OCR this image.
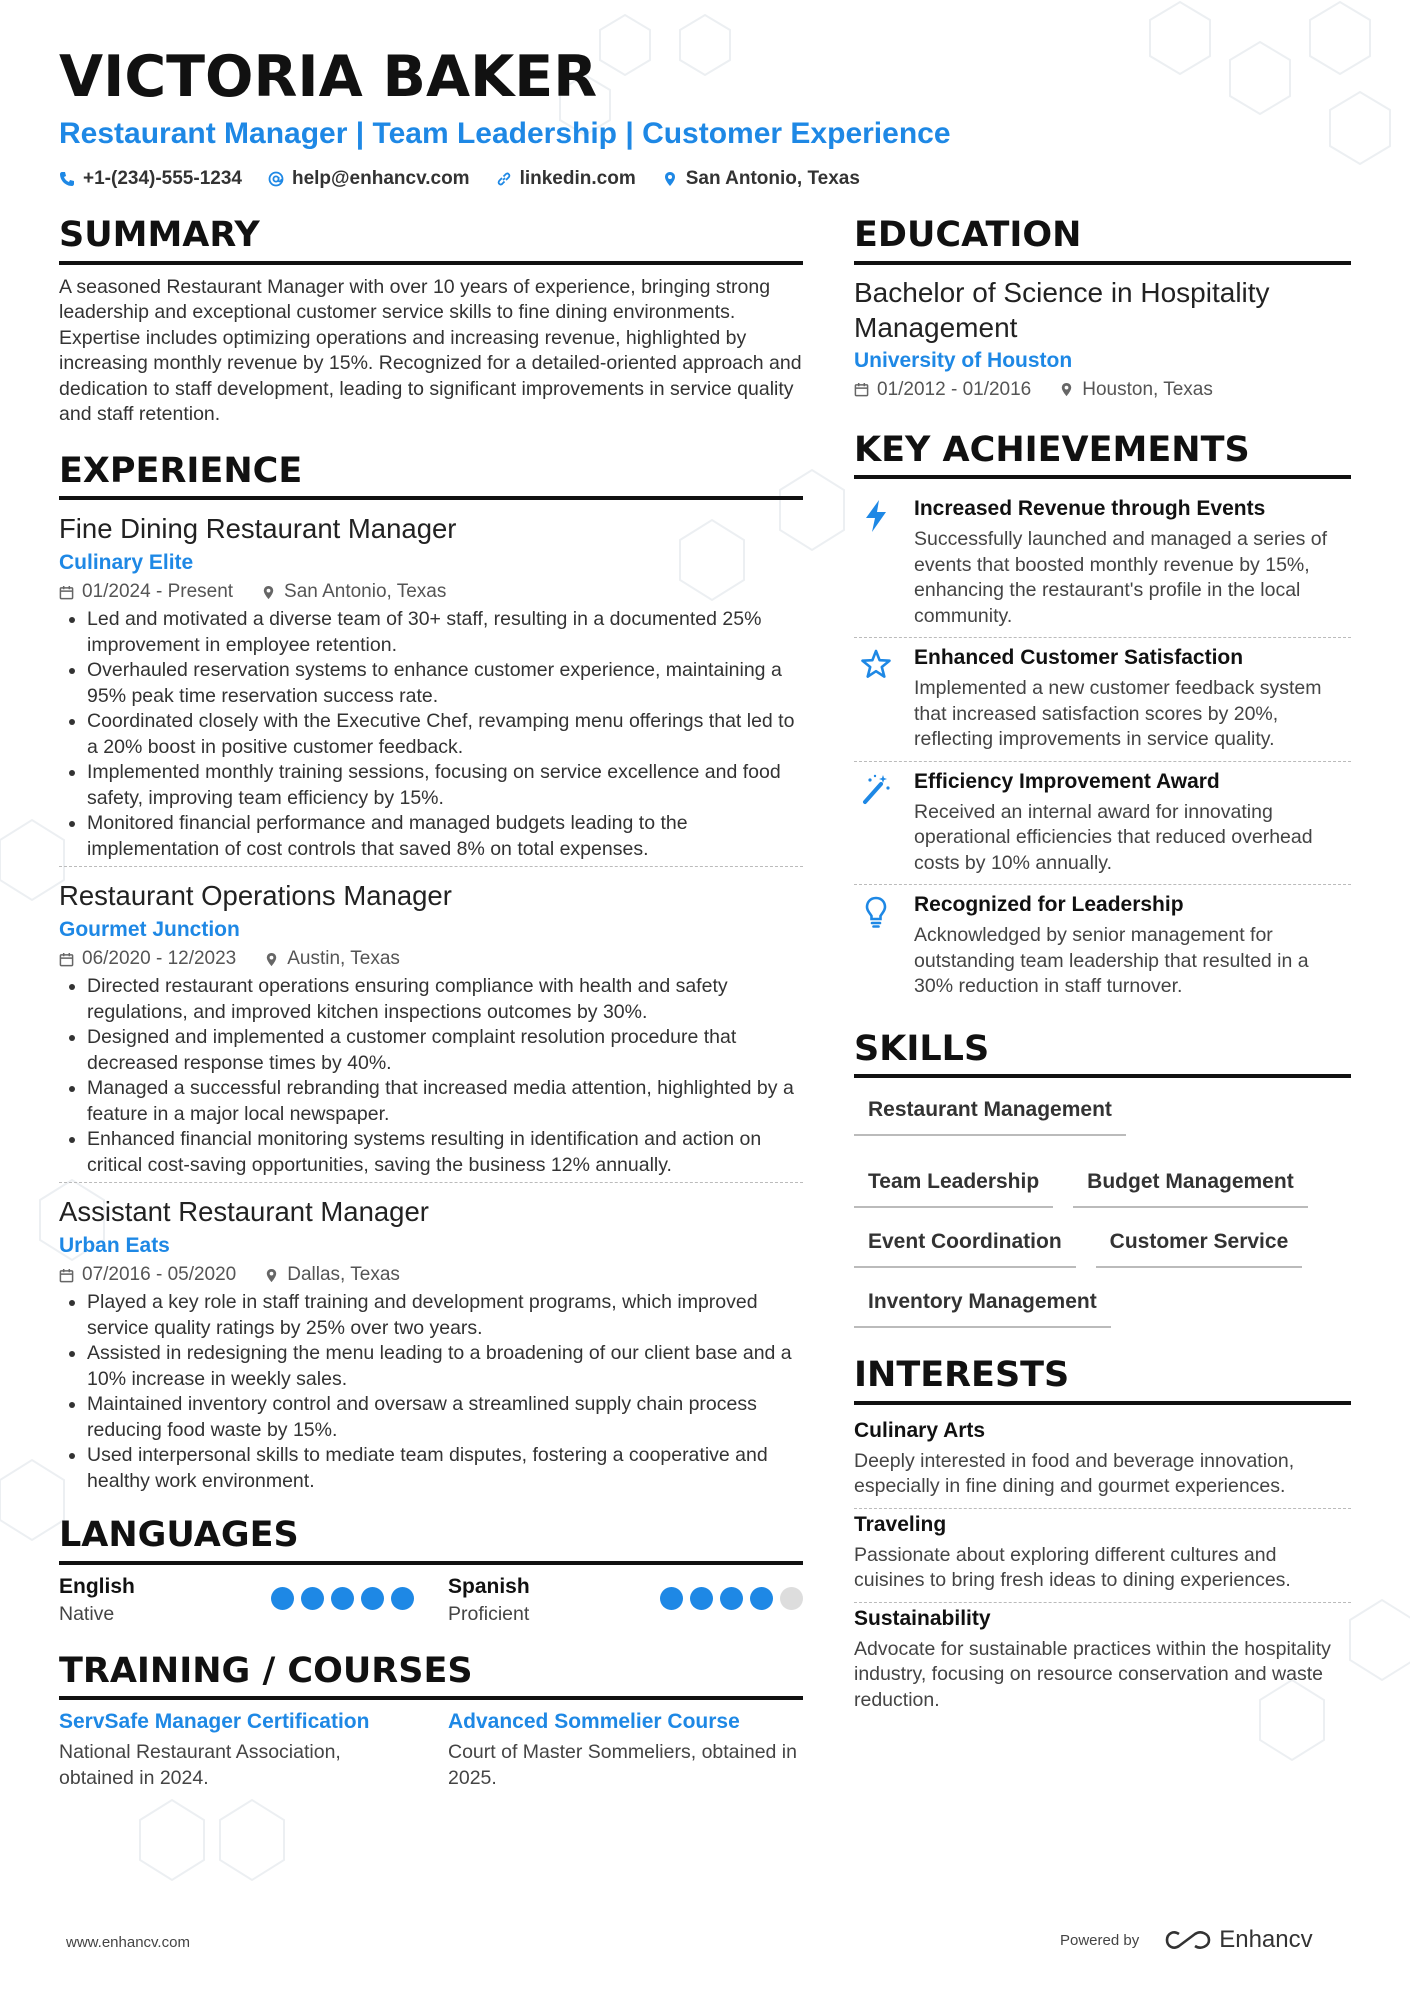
VICTORIA BAKER
Restaurant Manager | Team Leadership | Customer Experience
+1-(234)-555-1234	help@enhancv.com	linkedin.com	San Antonio, Texas
SUMMARY
A seasoned Restaurant Manager with over 10 years of experience, bringing strong leadership and exceptional customer service skills to fine dining environments. Expertise includes optimizing operations and increasing revenue, highlighted by increasing monthly revenue by 15%. Recognized for a detailed-oriented approach and dedication to staff development, leading to significant improvements in service quality and staff retention.
EXPERIENCE
Fine Dining Restaurant Manager
Culinary Elite
01/2024 - Present	San Antonio, Texas
• Led and motivated a diverse team of 30+ staff, resulting in a documented 25% improvement in employee retention.
• Overhauled reservation systems to enhance customer experience, maintaining a 95% peak time reservation success rate.
• Coordinated closely with the Executive Chef, revamping menu offerings that led to a 20% boost in positive customer feedback.
• Implemented monthly training sessions, focusing on service excellence and food safety, improving team efficiency by 15%.
• Monitored financial performance and managed budgets leading to the implementation of cost controls that saved 8% on total expenses.
Restaurant Operations Manager
Gourmet Junction
06/2020 - 12/2023	Austin, Texas
• Directed restaurant operations ensuring compliance with health and safety regulations, and improved kitchen inspections outcomes by 30%.
• Designed and implemented a customer complaint resolution procedure that decreased response times by 40%.
• Managed a successful rebranding that increased media attention, highlighted by a feature in a major local newspaper.
• Enhanced financial monitoring systems resulting in identification and action on critical cost-saving opportunities, saving the business 12% annually.
Assistant Restaurant Manager
Urban Eats
07/2016 - 05/2020	Dallas, Texas
• Played a key role in staff training and development programs, which improved service quality ratings by 25% over two years.
• Assisted in redesigning the menu leading to a broadening of our client base and a 10% increase in weekly sales.
• Maintained inventory control and oversaw a streamlined supply chain process reducing food waste by 15%.
• Used interpersonal skills to mediate team disputes, fostering a cooperative and healthy work environment.
LANGUAGES
English
Native
Spanish
Proficient
TRAINING / COURSES
ServSafe Manager Certification
National Restaurant Association, obtained in 2024.
Advanced Sommelier Course
Court of Master Sommeliers, obtained in 2025.
EDUCATION
Bachelor of Science in Hospitality Management
University of Houston
01/2012 - 01/2016	Houston, Texas
KEY ACHIEVEMENTS
Increased Revenue through Events
Successfully launched and managed a series of events that boosted monthly revenue by 15%, enhancing the restaurant's profile in the local community.
Enhanced Customer Satisfaction
Implemented a new customer feedback system that increased satisfaction scores by 20%, reflecting improvements in service quality.
Efficiency Improvement Award
Received an internal award for innovating operational efficiencies that reduced overhead costs by 10% annually.
Recognized for Leadership
Acknowledged by senior management for outstanding team leadership that resulted in a 30% reduction in staff turnover.
SKILLS
Restaurant Management
Team Leadership	Budget Management
Event Coordination	Customer Service
Inventory Management
INTERESTS
Culinary Arts
Deeply interested in food and beverage innovation, especially in fine dining and gourmet experiences.
Traveling
Passionate about exploring different cultures and cuisines to bring fresh ideas to dining experiences.
Sustainability
Advocate for sustainable practices within the hospitality industry, focusing on resource conservation and waste reduction.
www.enhancv.com	Powered by	Enhancv
